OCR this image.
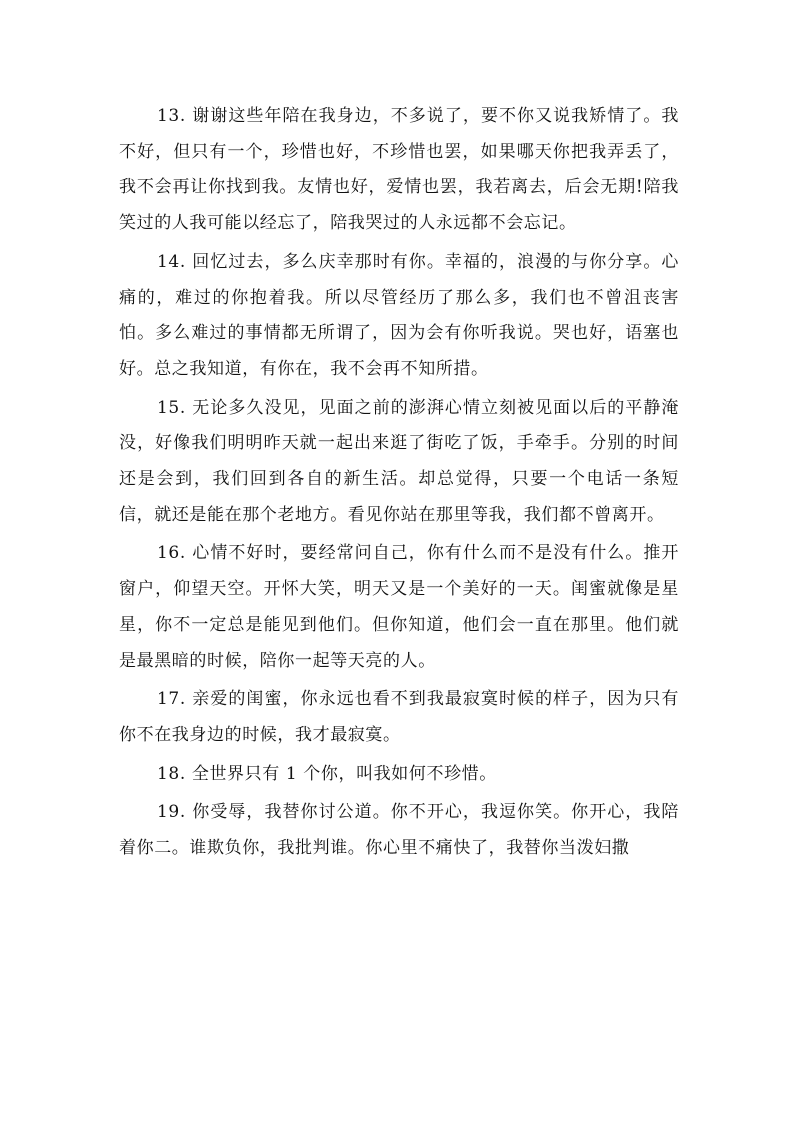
13. 谢谢这些年陪在我身边，不多说了，要不你又说我矫情了。我不好，但只有一个，珍惜也好，不珍惜也罢，如果哪天你把我弄丢了，我不会再让你找到我。友情也好，爱情也罢，我若离去，后会无期!陪我笑过的人我可能以经忘了，陪我哭过的人永远都不会忘记。

14. 回忆过去，多么庆幸那时有你。幸福的，浪漫的与你分享。心痛的，难过的你抱着我。所以尽管经历了那么多，我们也不曾沮丧害怕。多么难过的事情都无所谓了，因为会有你听我说。哭也好，语塞也好。总之我知道，有你在，我不会再不知所措。

15. 无论多久没见，见面之前的澎湃心情立刻被见面以后的平静淹没，好像我们明明昨天就一起出来逛了街吃了饭，手牵手。分别的时间还是会到，我们回到各自的新生活。却总觉得，只要一个电话一条短信，就还是能在那个老地方。看见你站在那里等我，我们都不曾离开。

16. 心情不好时，要经常问自己，你有什么而不是没有什么。推开窗户，仰望天空。开怀大笑，明天又是一个美好的一天。闺蜜就像是星星，你不一定总是能见到他们。但你知道，他们会一直在那里。他们就是最黑暗的时候，陪你一起等天亮的人。

17. 亲爱的闺蜜，你永远也看不到我最寂寞时候的样子，因为只有你不在我身边的时候，我才最寂寞。

18. 全世界只有 1 个你，叫我如何不珍惜。

19. 你受辱，我替你讨公道。你不开心，我逗你笑。你开心，我陪着你二。谁欺负你，我批判谁。你心里不痛快了，我替你当泼妇撒
